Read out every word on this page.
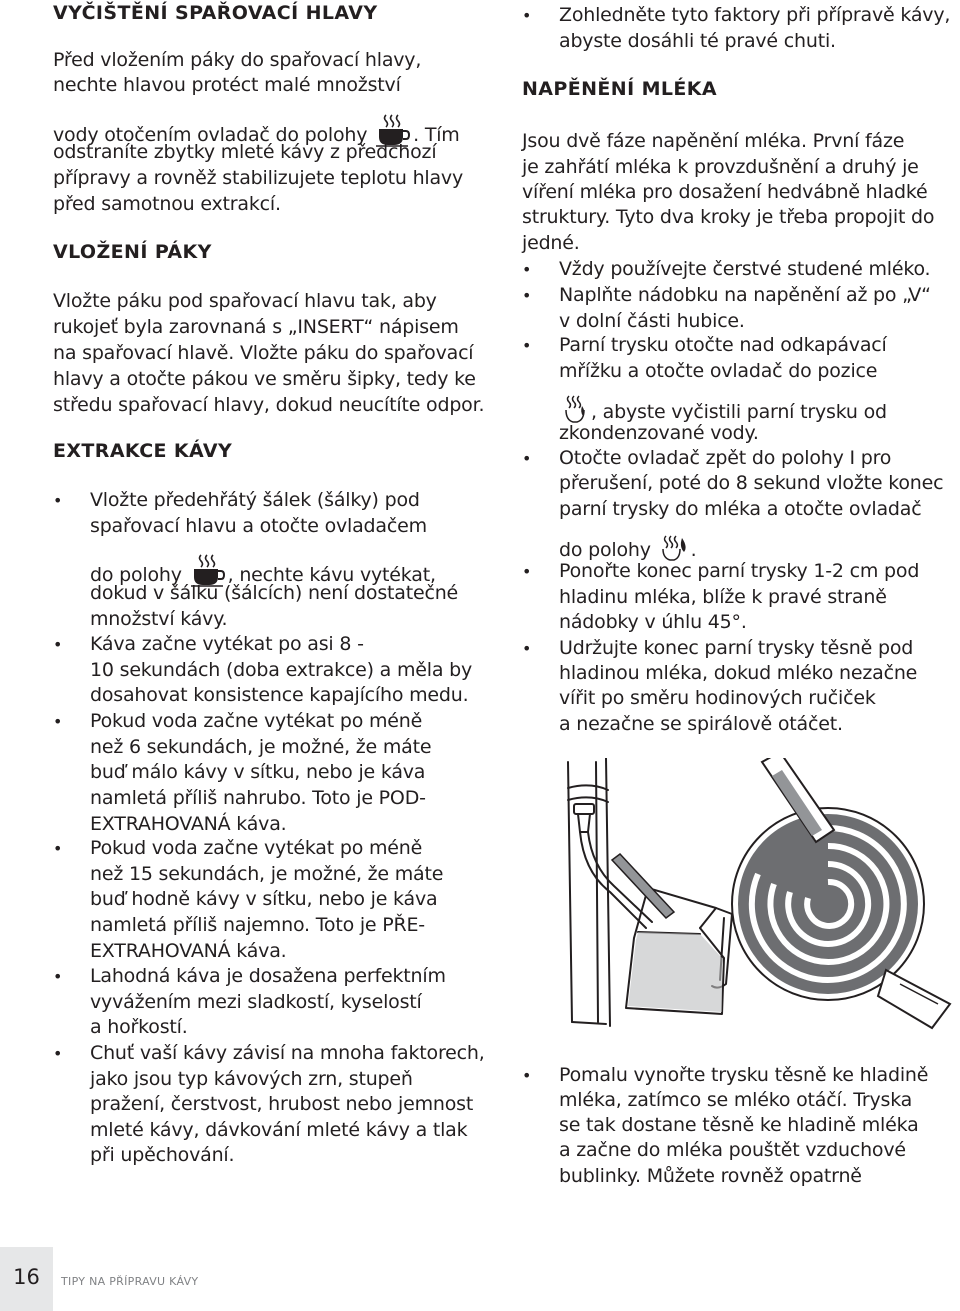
VYČIŠTĚNÍ SPAŘOVACÍ HLAVY
Před vložením páky do spařovací hlavy,
nechte hlavou protéct malé množství
vody otočením ovladač do polohy . Tím
odstraníte zbytky mleté kávy z předchozí
přípravy a rovněž stabilizujete teplotu hlavy
před samotnou extrakcí.
VLOŽENÍ PÁKY
Vložte páku pod spařovací hlavu tak, aby
rukojeť byla zarovnaná s „INSERT“ nápisem
na spařovací hlavě. Vložte páku do spařovací
hlavy a otočte pákou ve směru šipky, tedy ke
středu spařovací hlavy, dokud neucítíte odpor.
EXTRAKCE KÁVY
• Vložte předehřátý šálek (šálky) pod
spařovací hlavu a otočte ovladačem
do polohy , nechte kávu vytékat,
dokud v šálku (šálcích) není dostatečné
množství kávy.
• Káva začne vytékat po asi 8 -
10 sekundách (doba extrakce) a měla by
dosahovat konsistence kapajícího medu.
• Pokud voda začne vytékat po méně
než 6 sekundách, je možné, že máte
buď málo kávy v sítku, nebo je káva
namletá příliš nahrubo. Toto je POD-
EXTRAHOVANÁ káva.
• Pokud voda začne vytékat po méně
než 15 sekundách, je možné, že máte
buď hodně kávy v sítku, nebo je káva
namletá příliš najemno. Toto je PŘE-
EXTRAHOVANÁ káva.
• Lahodná káva je dosažena perfektním
vyvážením mezi sladkostí, kyselostí
a hořkostí.
• Chuť vaší kávy závisí na mnoha faktorech,
jako jsou typ kávových zrn, stupeň
pražení, čerstvost, hrubost nebo jemnost
mleté kávy, dávkování mleté kávy a tlak
při upěchování.
• Zohledněte tyto faktory při přípravě kávy,
abyste dosáhli té pravé chuti.
NAPĚNĚNÍ MLÉKA
Jsou dvě fáze napěnění mléka. První fáze
je zahřátí mléka k provzdušnění a druhý je
víření mléka pro dosažení hedvábně hladké
struktury. Tyto dva kroky je třeba propojit do
jedné.
• Vždy používejte čerstvé studené mléko.
• Naplňte nádobku na napěnění až po „V“
v dolní části hubice.
• Parní trysku otočte nad odkapávací
mřížku a otočte ovladač do pozice
, abyste vyčistili parní trysku od
zkondenzované vody.
• Otočte ovladač zpět do polohy I pro
přerušení, poté do 8 sekund vložte konec
parní trysky do mléka a otočte ovladač
do polohy .
• Ponořte konec parní trysky 1-2 cm pod
hladinu mléka, blíže k pravé straně
nádobky v úhlu 45°.
• Udržujte konec parní trysky těsně pod
hladinou mléka, dokud mléko nezačne
vířit po směru hodinových ručiček
a nezačne se spirálově otáčet.
• Pomalu vynořte trysku těsně ke hladině
mléka, zatímco se mléko otáčí. Tryska
se tak dostane těsně ke hladině mléka
a začne do mléka pouštět vzduchové
bublinky. Můžete rovněž opatrně
16	TIPY NA PŘÍPRAVU KÁVY
